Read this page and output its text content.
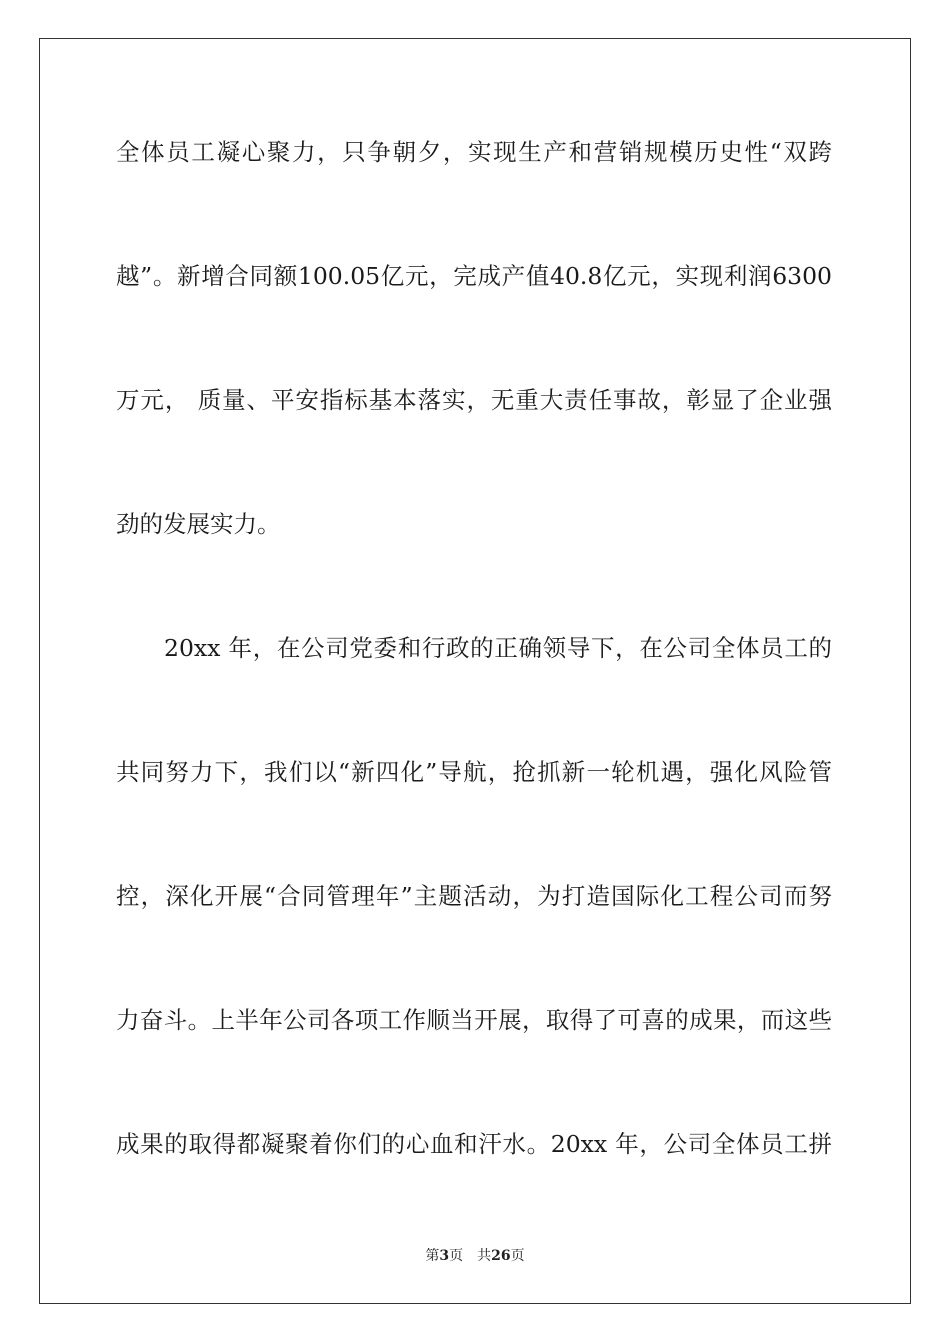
全体员工凝心聚力，只争朝夕，实现生产和营销规模历史性“双跨
越”。新增合同额100.05亿元，完成产值40.8亿元，实现利润6300
万元， 质量、平安指标基本落实，无重大责任事故，彰显了企业强
劲的发展实力。
20xx 年，在公司党委和行政的正确领导下，在公司全体员工的
共同努力下，我们以“新四化”导航，抢抓新一轮机遇，强化风险管
控，深化开展“合同管理年”主题活动，为打造国际化工程公司而努
力奋斗。上半年公司各项工作顺当开展，取得了可喜的成果，而这些
成果的取得都凝聚着你们的心血和汗水。20xx 年，公司全体员工拼
第3页 共26页
